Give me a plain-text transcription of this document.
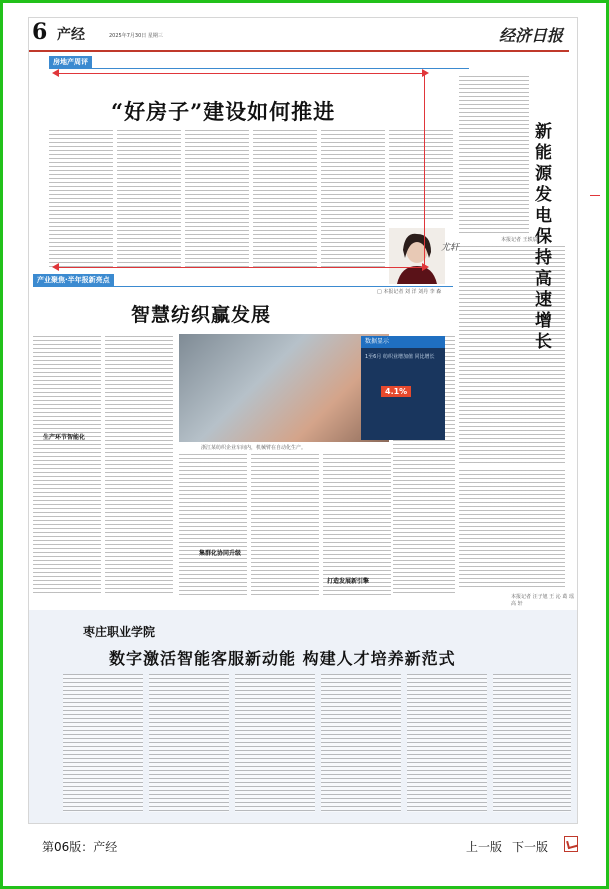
6 产经	2025年7月30日 星期三	经济日报
房地产周评
“好房子”建设如何推进
尤轩
□ 本报记者 刘 洋 刘丹 李 森
新能源发电保持高速增长
本报记者 王轶辰
产业聚焦·半年报新亮点
智慧纺织赢发展
数据显示
1至6月 纺织业增加值 同比增长
4.1%
浙江某纺织企业车间内，机械臂在自动化生产。
生产环节智能化
集群化协同升级
打造发展新引擎
本报记者 汪子旭 王 沁 葛 瑶 高 轩
枣庄职业学院
数字激活智能客服新动能 构建人才培养新范式
第06版：产经	上一版 下一版
